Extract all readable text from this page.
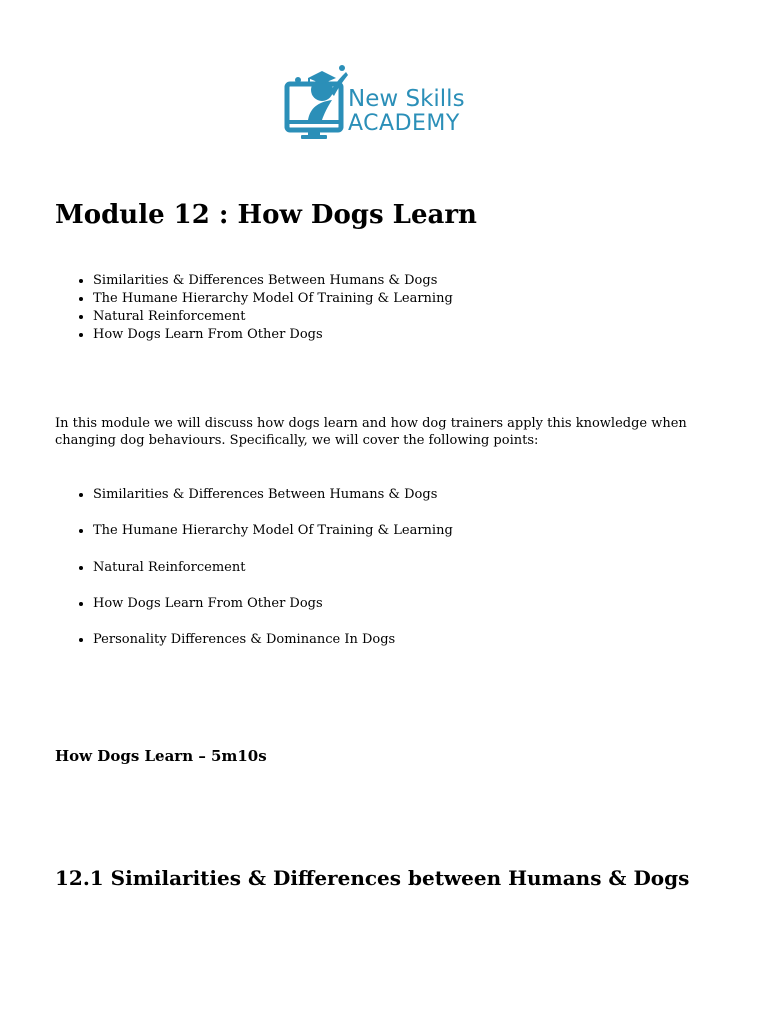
New Skills
ACADEMY
Module 12 : How Dogs Learn
• Similarities & Differences Between Humans & Dogs
• The Humane Hierarchy Model Of Training & Learning
• Natural Reinforcement
• How Dogs Learn From Other Dogs

In this module we will discuss how dogs learn and how dog trainers apply this knowledge when changing dog behaviours. Specifically, we will cover the following points:

• Similarities & Differences Between Humans & Dogs
• The Humane Hierarchy Model Of Training & Learning
• Natural Reinforcement
• How Dogs Learn From Other Dogs
• Personality Differences & Dominance In Dogs
How Dogs Learn – 5m10s
12.1 Similarities & Differences between Humans & Dogs
